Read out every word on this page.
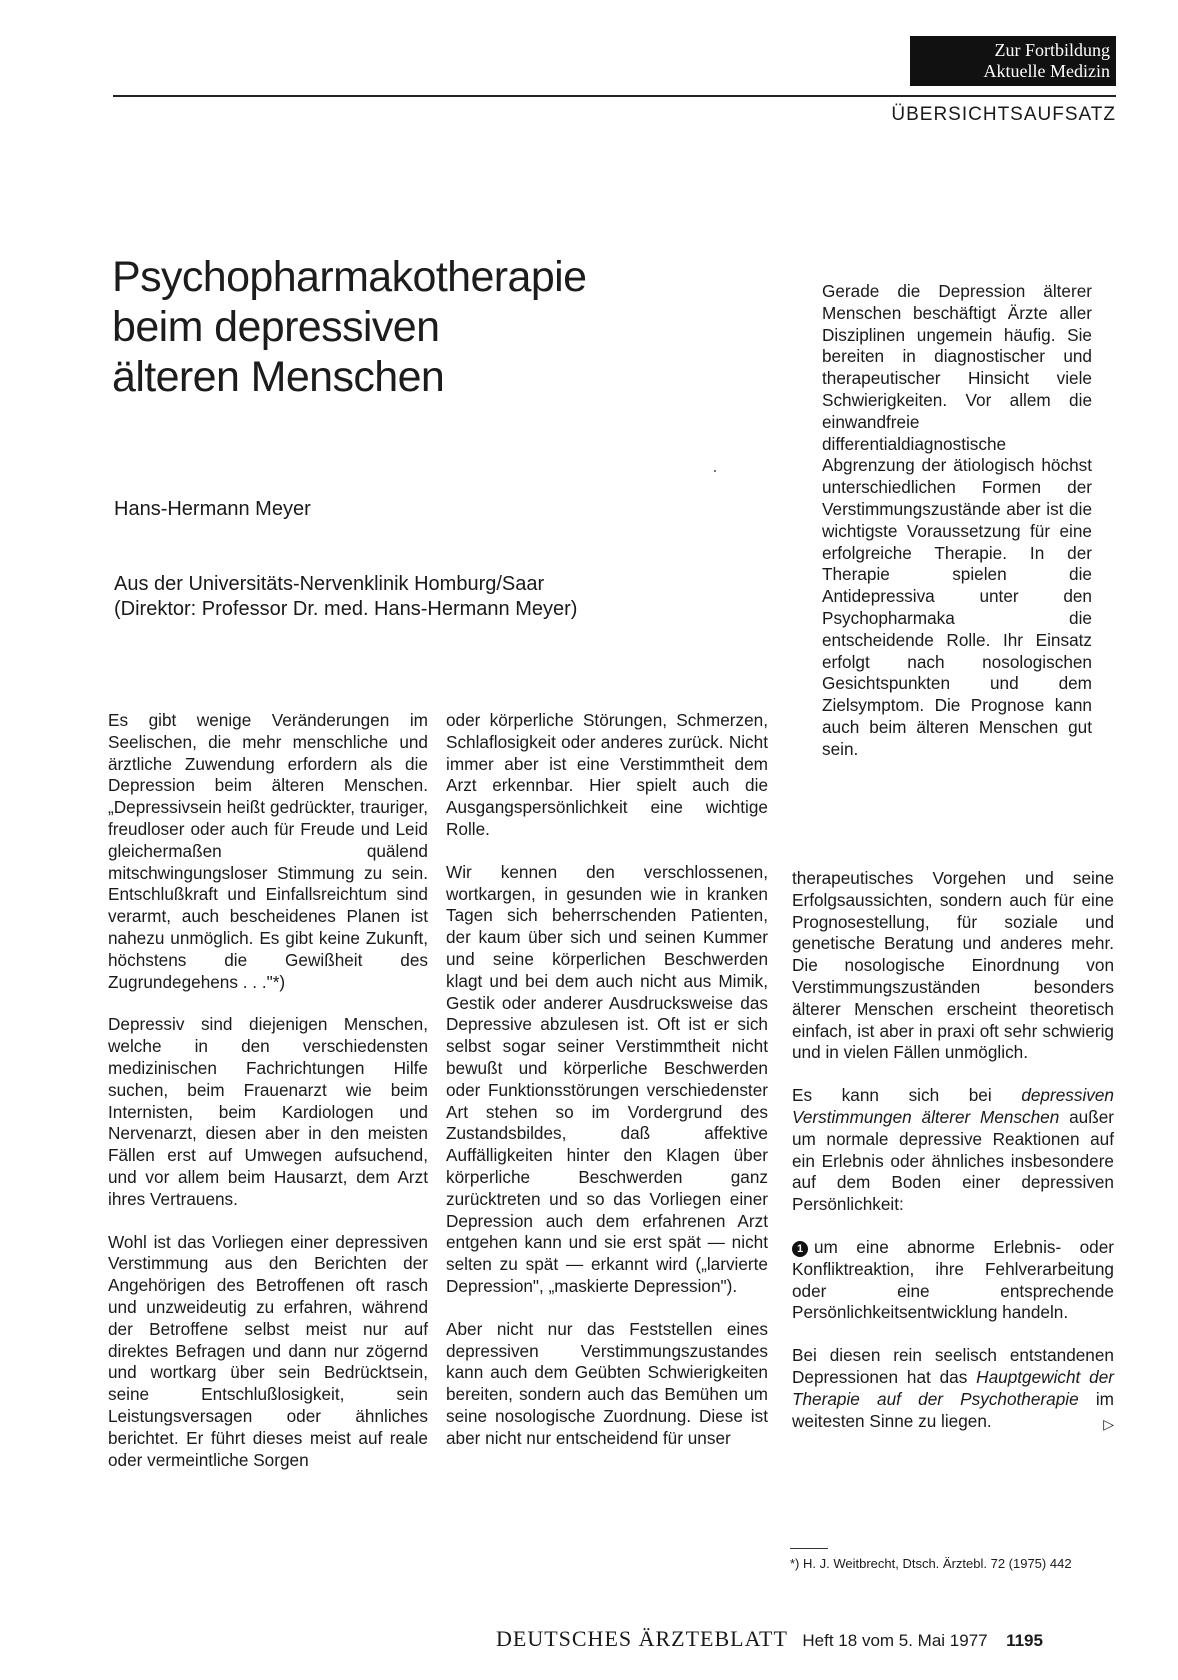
Zur Fortbildung
Aktuelle Medizin
ÜBERSICHTSAUFSATZ
Psychopharmakotherapie
beim depressiven
älteren Menschen
Hans-Hermann Meyer
Aus der Universitäts-Nervenklinik Homburg/Saar
(Direktor: Professor Dr. med. Hans-Hermann Meyer)
Gerade die Depression älterer Menschen beschäftigt Ärzte aller Disziplinen ungemein häufig. Sie bereiten in diagnostischer und therapeutischer Hinsicht viele Schwierigkeiten. Vor allem die einwandfreie differentialdiagnostische Abgrenzung der ätiologisch höchst unterschiedlichen Formen der Verstimmungszustände aber ist die wichtigste Voraussetzung für eine erfolgreiche Therapie. In der Therapie spielen die Antidepressiva unter den Psychopharmaka die entscheidende Rolle. Ihr Einsatz erfolgt nach nosologischen Gesichtspunkten und dem Zielsymptom. Die Prognose kann auch beim älteren Menschen gut sein.

Es gibt wenige Veränderungen im Seelischen, die mehr menschliche und ärztliche Zuwendung erfordern als die Depression beim älteren Menschen. „Depressivsein heißt gedrückter, trauriger, freudloser oder auch für Freude und Leid gleichermaßen quälend mitschwingungsloser Stimmung zu sein. Entschlußkraft und Einfallsreichtum sind verarmt, auch bescheidenes Planen ist nahezu unmöglich. Es gibt keine Zukunft, höchstens die Gewißheit des Zugrundegehens . . ."*)

Depressiv sind diejenigen Menschen, welche in den verschiedensten medizinischen Fachrichtungen Hilfe suchen, beim Frauenarzt wie beim Internisten, beim Kardiologen und Nervenarzt, diesen aber in den meisten Fällen erst auf Umwegen aufsuchend, und vor allem beim Hausarzt, dem Arzt ihres Vertrauens.

Wohl ist das Vorliegen einer depressiven Verstimmung aus den Berichten der Angehörigen des Betroffenen oft rasch und unzweideutig zu erfahren, während der Betroffene selbst meist nur auf direktes Befragen und dann nur zögernd und wortkarg über sein Bedrücktsein, seine Entschlußlosigkeit, sein Leistungsversagen oder ähnliches berichtet. Er führt dieses meist auf reale oder vermeintliche Sorgen

oder körperliche Störungen, Schmerzen, Schlaflosigkeit oder anderes zurück. Nicht immer aber ist eine Verstimmtheit dem Arzt erkennbar. Hier spielt auch die Ausgangspersönlichkeit eine wichtige Rolle.

Wir kennen den verschlossenen, wortkargen, in gesunden wie in kranken Tagen sich beherrschenden Patienten, der kaum über sich und seinen Kummer und seine körperlichen Beschwerden klagt und bei dem auch nicht aus Mimik, Gestik oder anderer Ausdrucksweise das Depressive abzulesen ist. Oft ist er sich selbst sogar seiner Verstimmtheit nicht bewußt und körperliche Beschwerden oder Funktionsstörungen verschiedenster Art stehen so im Vordergrund des Zustandsbildes, daß affektive Auffälligkeiten hinter den Klagen über körperliche Beschwerden ganz zurücktreten und so das Vorliegen einer Depression auch dem erfahrenen Arzt entgehen kann und sie erst spät — nicht selten zu spät — erkannt wird („larvierte Depression", „maskierte Depression").

Aber nicht nur das Feststellen eines depressiven Verstimmungszustandes kann auch dem Geübten Schwierigkeiten bereiten, sondern auch das Bemühen um seine nosologische Zuordnung. Diese ist aber nicht nur entscheidend für unser

therapeutisches Vorgehen und seine Erfolgsaussichten, sondern auch für eine Prognosestellung, für soziale und genetische Beratung und anderes mehr. Die nosologische Einordnung von Verstimmungszuständen besonders älterer Menschen erscheint theoretisch einfach, ist aber in praxi oft sehr schwierig und in vielen Fällen unmöglich.

Es kann sich bei depressiven Verstimmungen älterer Menschen außer um normale depressive Reaktionen auf ein Erlebnis oder ähnliches insbesondere auf dem Boden einer depressiven Persönlichkeit:

1 um eine abnorme Erlebnis- oder Konfliktreaktion, ihre Fehlverarbeitung oder eine entsprechende Persönlichkeitsentwicklung handeln.

Bei diesen rein seelisch entstandenen Depressionen hat das Hauptgewicht der Therapie auf der Psychotherapie im weitesten Sinne zu liegen.	▷

*) H. J. Weitbrecht, Dtsch. Ärztebl. 72 (1975) 442
DEUTSCHES ÄRZTEBLATT Heft 18 vom 5. Mai 1977 1195
